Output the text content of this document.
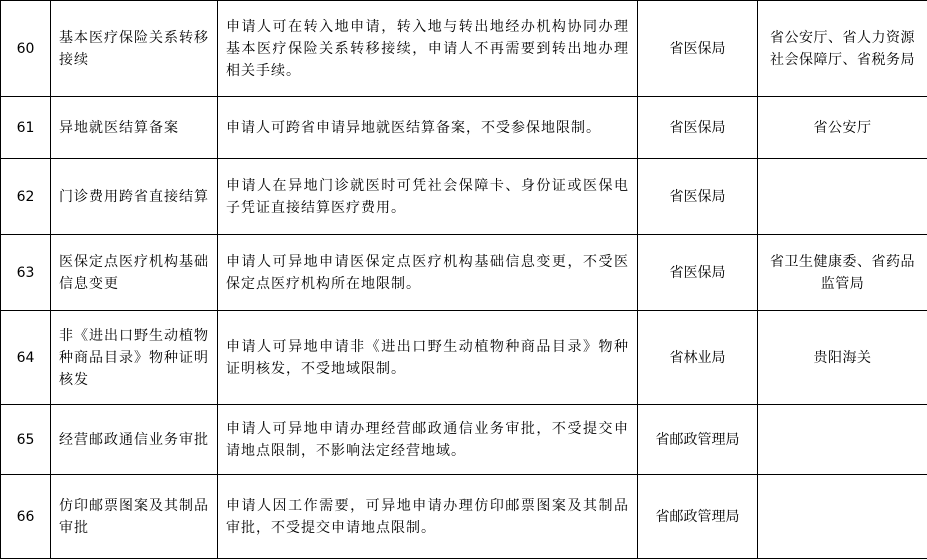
60	基本医疗保险关系转移接续	申请人可在转入地申请，转入地与转出地经办机构协同办理基本医疗保险关系转移接续，申请人不再需要到转出地办理相关手续。	省医保局	省公安厅、省人力资源社会保障厅、省税务局
61	异地就医结算备案	申请人可跨省申请异地就医结算备案，不受参保地限制。	省医保局	省公安厅
62	门诊费用跨省直接结算	申请人在异地门诊就医时可凭社会保障卡、身份证或医保电子凭证直接结算医疗费用。	省医保局	
63	医保定点医疗机构基础信息变更	申请人可异地申请医保定点医疗机构基础信息变更，不受医保定点医疗机构所在地限制。	省医保局	省卫生健康委、省药品监管局
64	非《进出口野生动植物种商品目录》物种证明核发	申请人可异地申请非《进出口野生动植物种商品目录》物种证明核发，不受地域限制。	省林业局	贵阳海关
65	经营邮政通信业务审批	申请人可异地申请办理经营邮政通信业务审批，不受提交申请地点限制，不影响法定经营地域。	省邮政管理局	
66	仿印邮票图案及其制品审批	申请人因工作需要，可异地申请办理仿印邮票图案及其制品审批，不受提交申请地点限制。	省邮政管理局	
